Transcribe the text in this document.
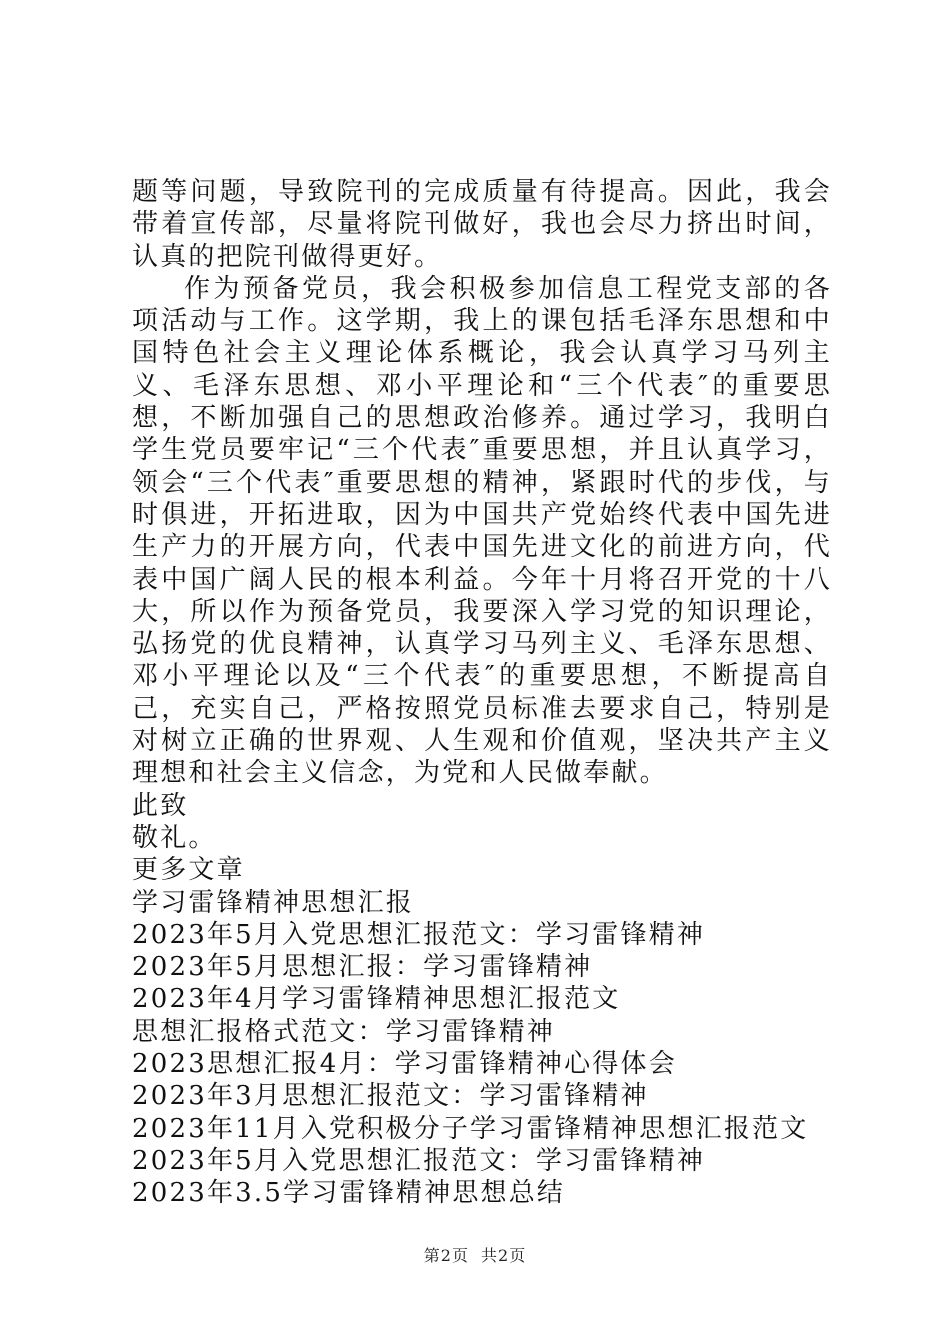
题等问题，导致院刊的完成质量有待提高。因此，我会带着宣传部，尽量将院刊做好，我也会尽力挤出时间，认真的把院刊做得更好。

作为预备党员，我会积极参加信息工程党支部的各项活动与工作。这学期，我上的课包括毛泽东思想和中国特色社会主义理论体系概论，我会认真学习马列主义、毛泽东思想、邓小平理论和“三个代表″的重要思想，不断加强自己的思想政治修养。通过学习，我明白学生党员要牢记“三个代表″重要思想，并且认真学习，领会“三个代表″重要思想的精神，紧跟时代的步伐，与时俱进，开拓进取，因为中国共产党始终代表中国先进生产力的开展方向，代表中国先进文化的前进方向，代表中国广阔人民的根本利益。今年十月将召开党的十八大，所以作为预备党员，我要深入学习党的知识理论，弘扬党的优良精神，认真学习马列主义、毛泽东思想、邓小平理论以及“三个代表″的重要思想，不断提高自己，充实自己，严格按照党员标准去要求自己，特别是对树立正确的世界观、人生观和价值观，坚决共产主义理想和社会主义信念，为党和人民做奉献。

此致

敬礼。

更多文章

学习雷锋精神思想汇报

2023年5月入党思想汇报范文：学习雷锋精神

2023年5月思想汇报：学习雷锋精神

2023年4月学习雷锋精神思想汇报范文

思想汇报格式范文：学习雷锋精神

2023思想汇报4月：学习雷锋精神心得体会

2023年3月思想汇报范文：学习雷锋精神

2023年11月入党积极分子学习雷锋精神思想汇报范文

2023年5月入党思想汇报范文：学习雷锋精神

2023年3.5学习雷锋精神思想总结

第2页 共2页
